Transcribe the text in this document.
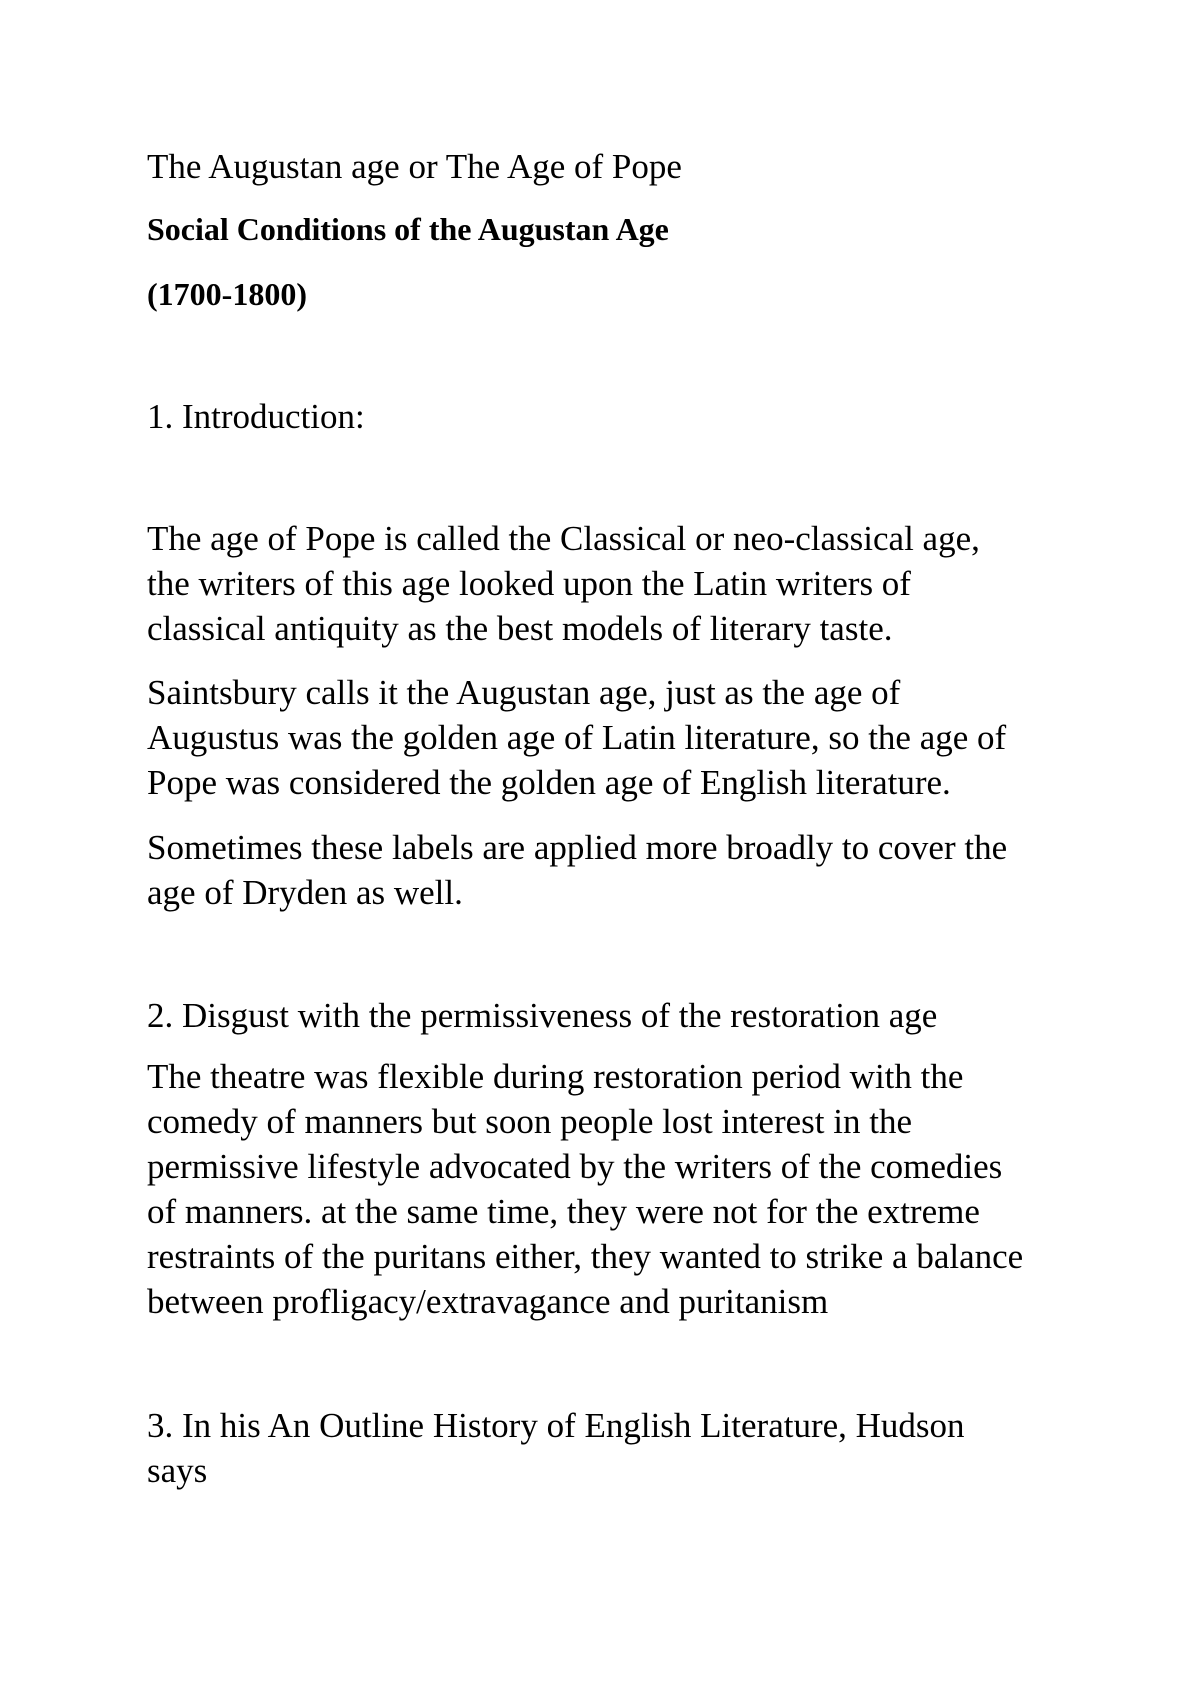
The Augustan age or The Age of Pope

Social Conditions of the Augustan Age

(1700-1800)

1. Introduction:

The age of Pope is called the Classical or neo-classical age,
the writers of this age looked upon the Latin writers of
classical antiquity as the best models of literary taste.

Saintsbury calls it the Augustan age, just as the age of
Augustus was the golden age of Latin literature, so the age of
Pope was considered the golden age of English literature.

Sometimes these labels are applied more broadly to cover the
age of Dryden as well.

2. Disgust with the permissiveness of the restoration age

The theatre was flexible during restoration period with the
comedy of manners but soon people lost interest in the
permissive lifestyle advocated by the writers of the comedies
of manners. at the same time, they were not for the extreme
restraints of the puritans either, they wanted to strike a balance
between profligacy/extravagance and puritanism

3. In his An Outline History of English Literature, Hudson
says
